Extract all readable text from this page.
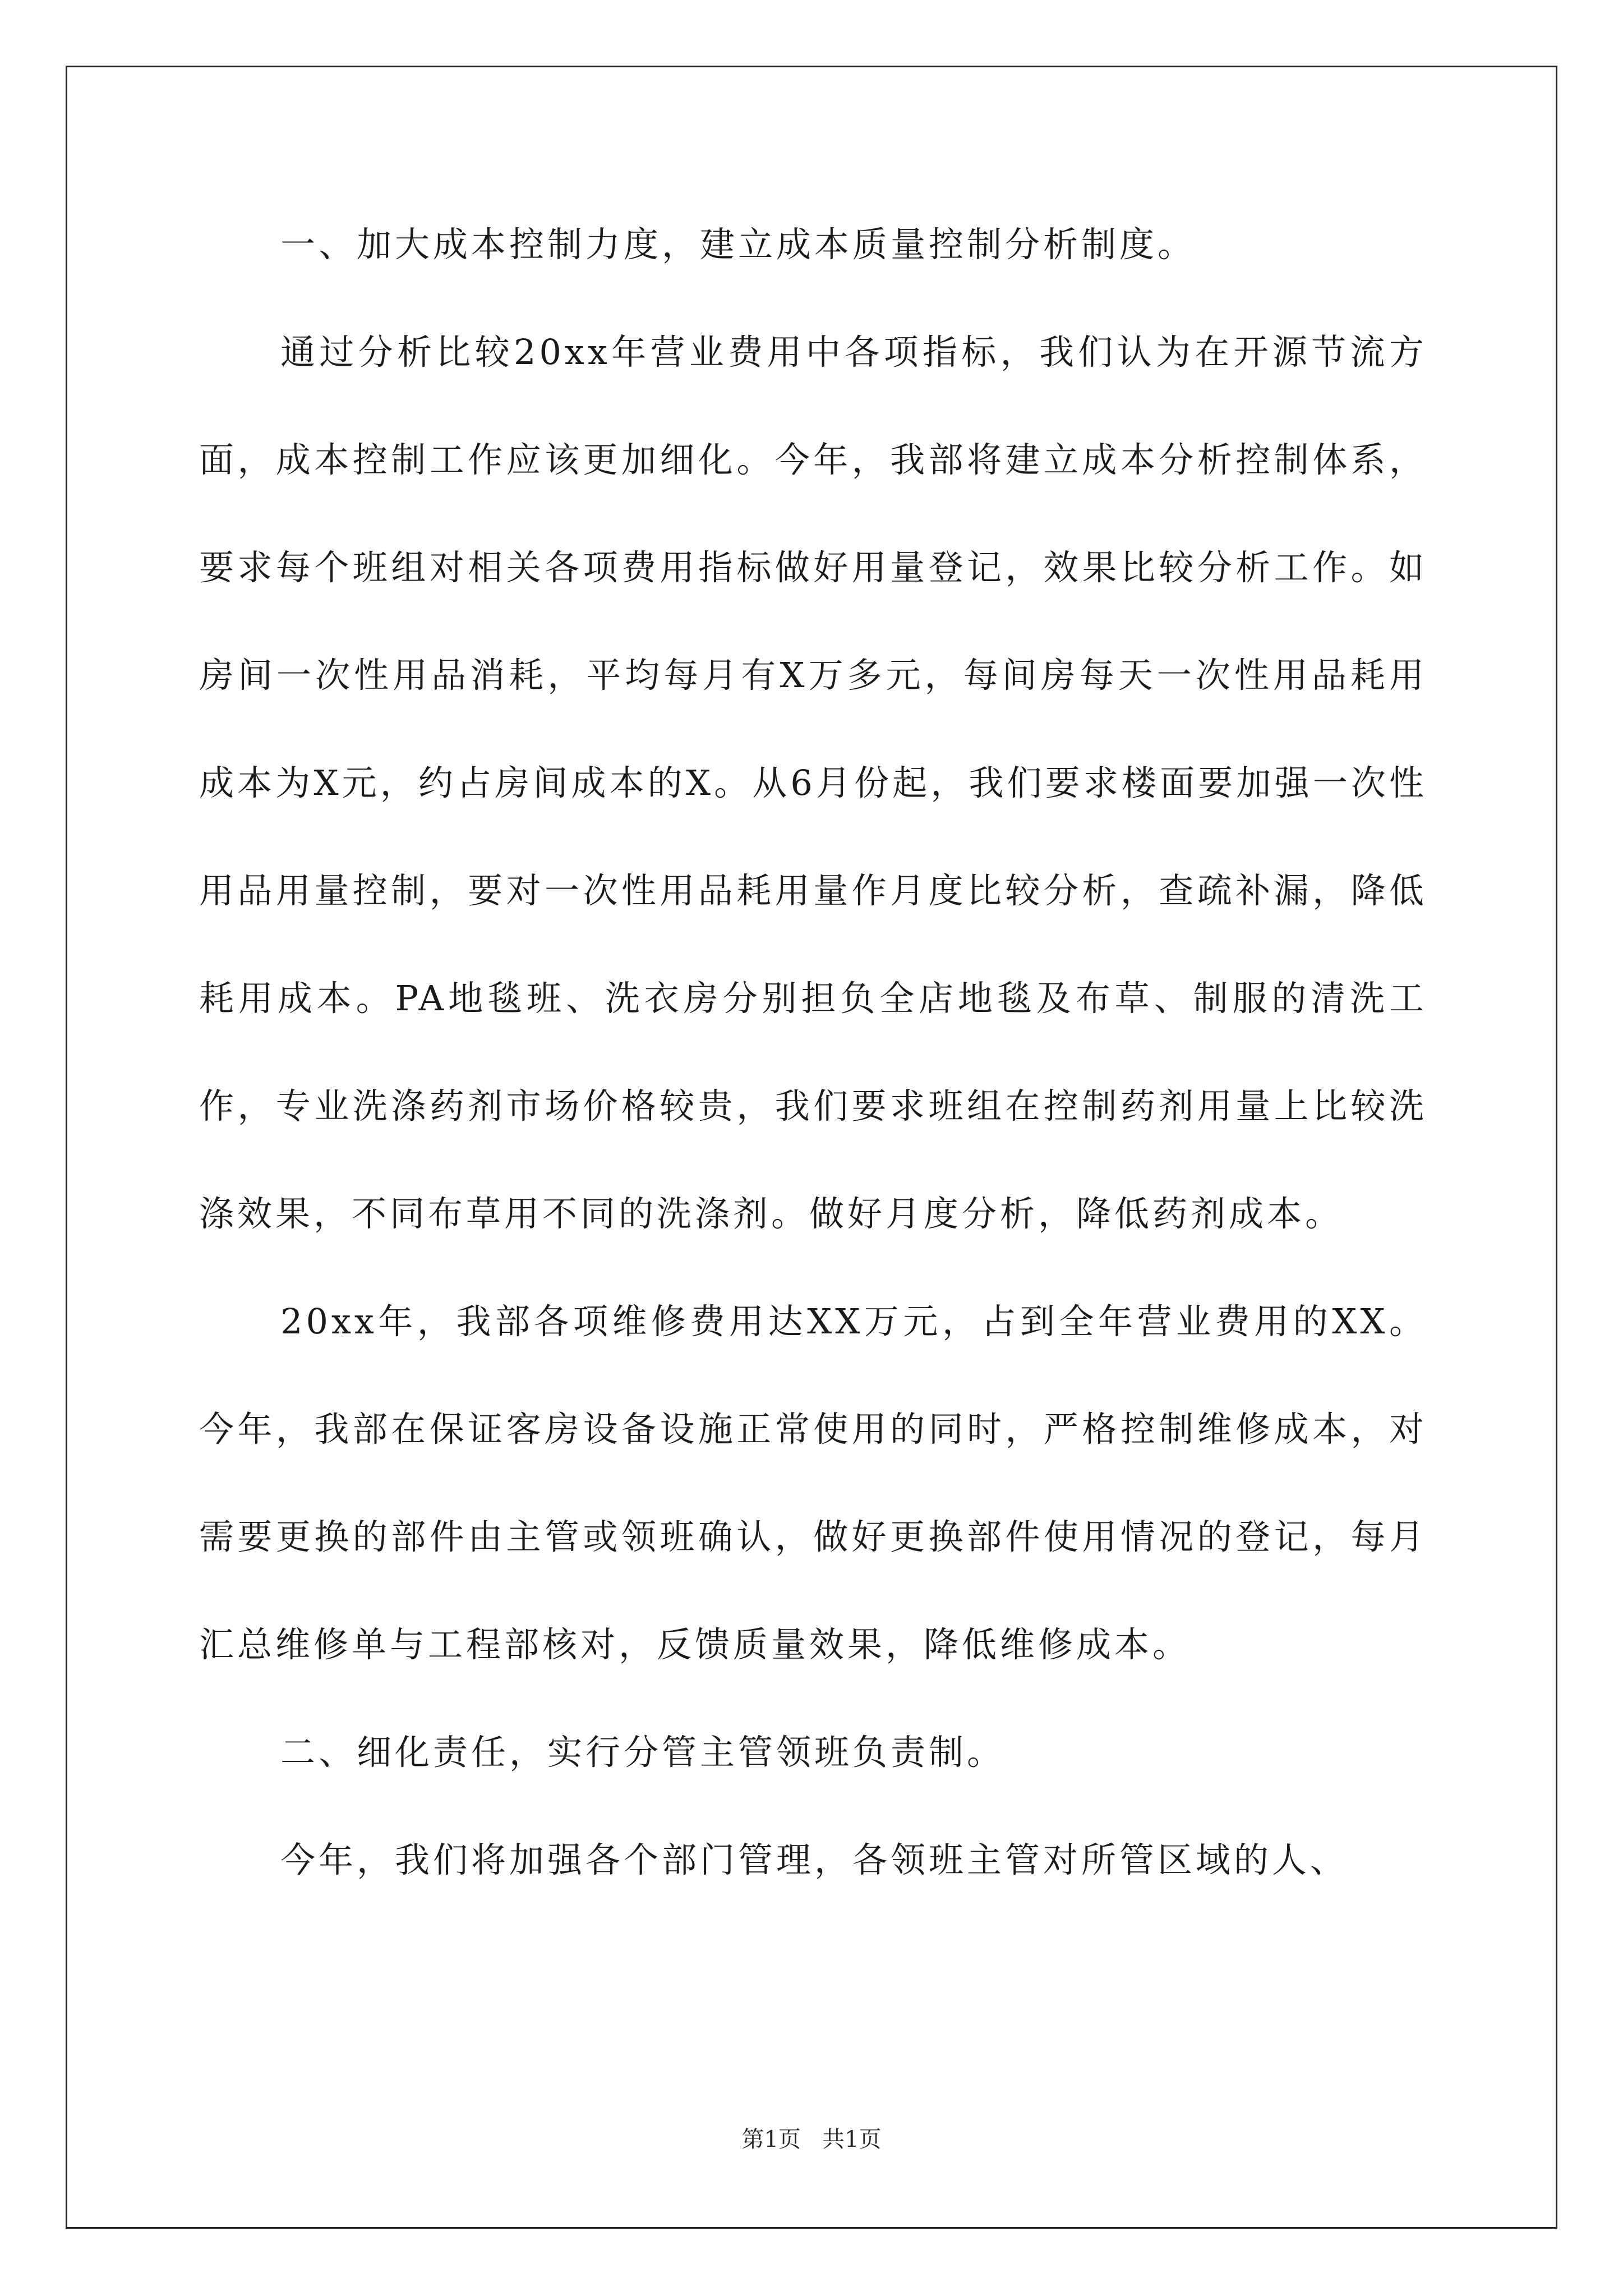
一、加大成本控制力度，建立成本质量控制分析制度。

通过分析比较20xx年营业费用中各项指标，我们认为在开源节流方面，成本控制工作应该更加细化。今年，我部将建立成本分析控制体系，要求每个班组对相关各项费用指标做好用量登记，效果比较分析工作。如房间一次性用品消耗，平均每月有X万多元，每间房每天一次性用品耗用成本为X元，约占房间成本的X。从6月份起，我们要求楼面要加强一次性用品用量控制，要对一次性用品耗用量作月度比较分析，查疏补漏，降低耗用成本。PA地毯班、洗衣房分别担负全店地毯及布草、制服的清洗工作，专业洗涤药剂市场价格较贵，我们要求班组在控制药剂用量上比较洗涤效果，不同布草用不同的洗涤剂。做好月度分析，降低药剂成本。

20xx年，我部各项维修费用达XX万元，占到全年营业费用的XX。今年，我部在保证客房设备设施正常使用的同时，严格控制维修成本，对需要更换的部件由主管或领班确认，做好更换部件使用情况的登记，每月汇总维修单与工程部核对，反馈质量效果，降低维修成本。

二、细化责任，实行分管主管领班负责制。

今年，我们将加强各个部门管理，各领班主管对所管区域的人、

第1页   共1页
